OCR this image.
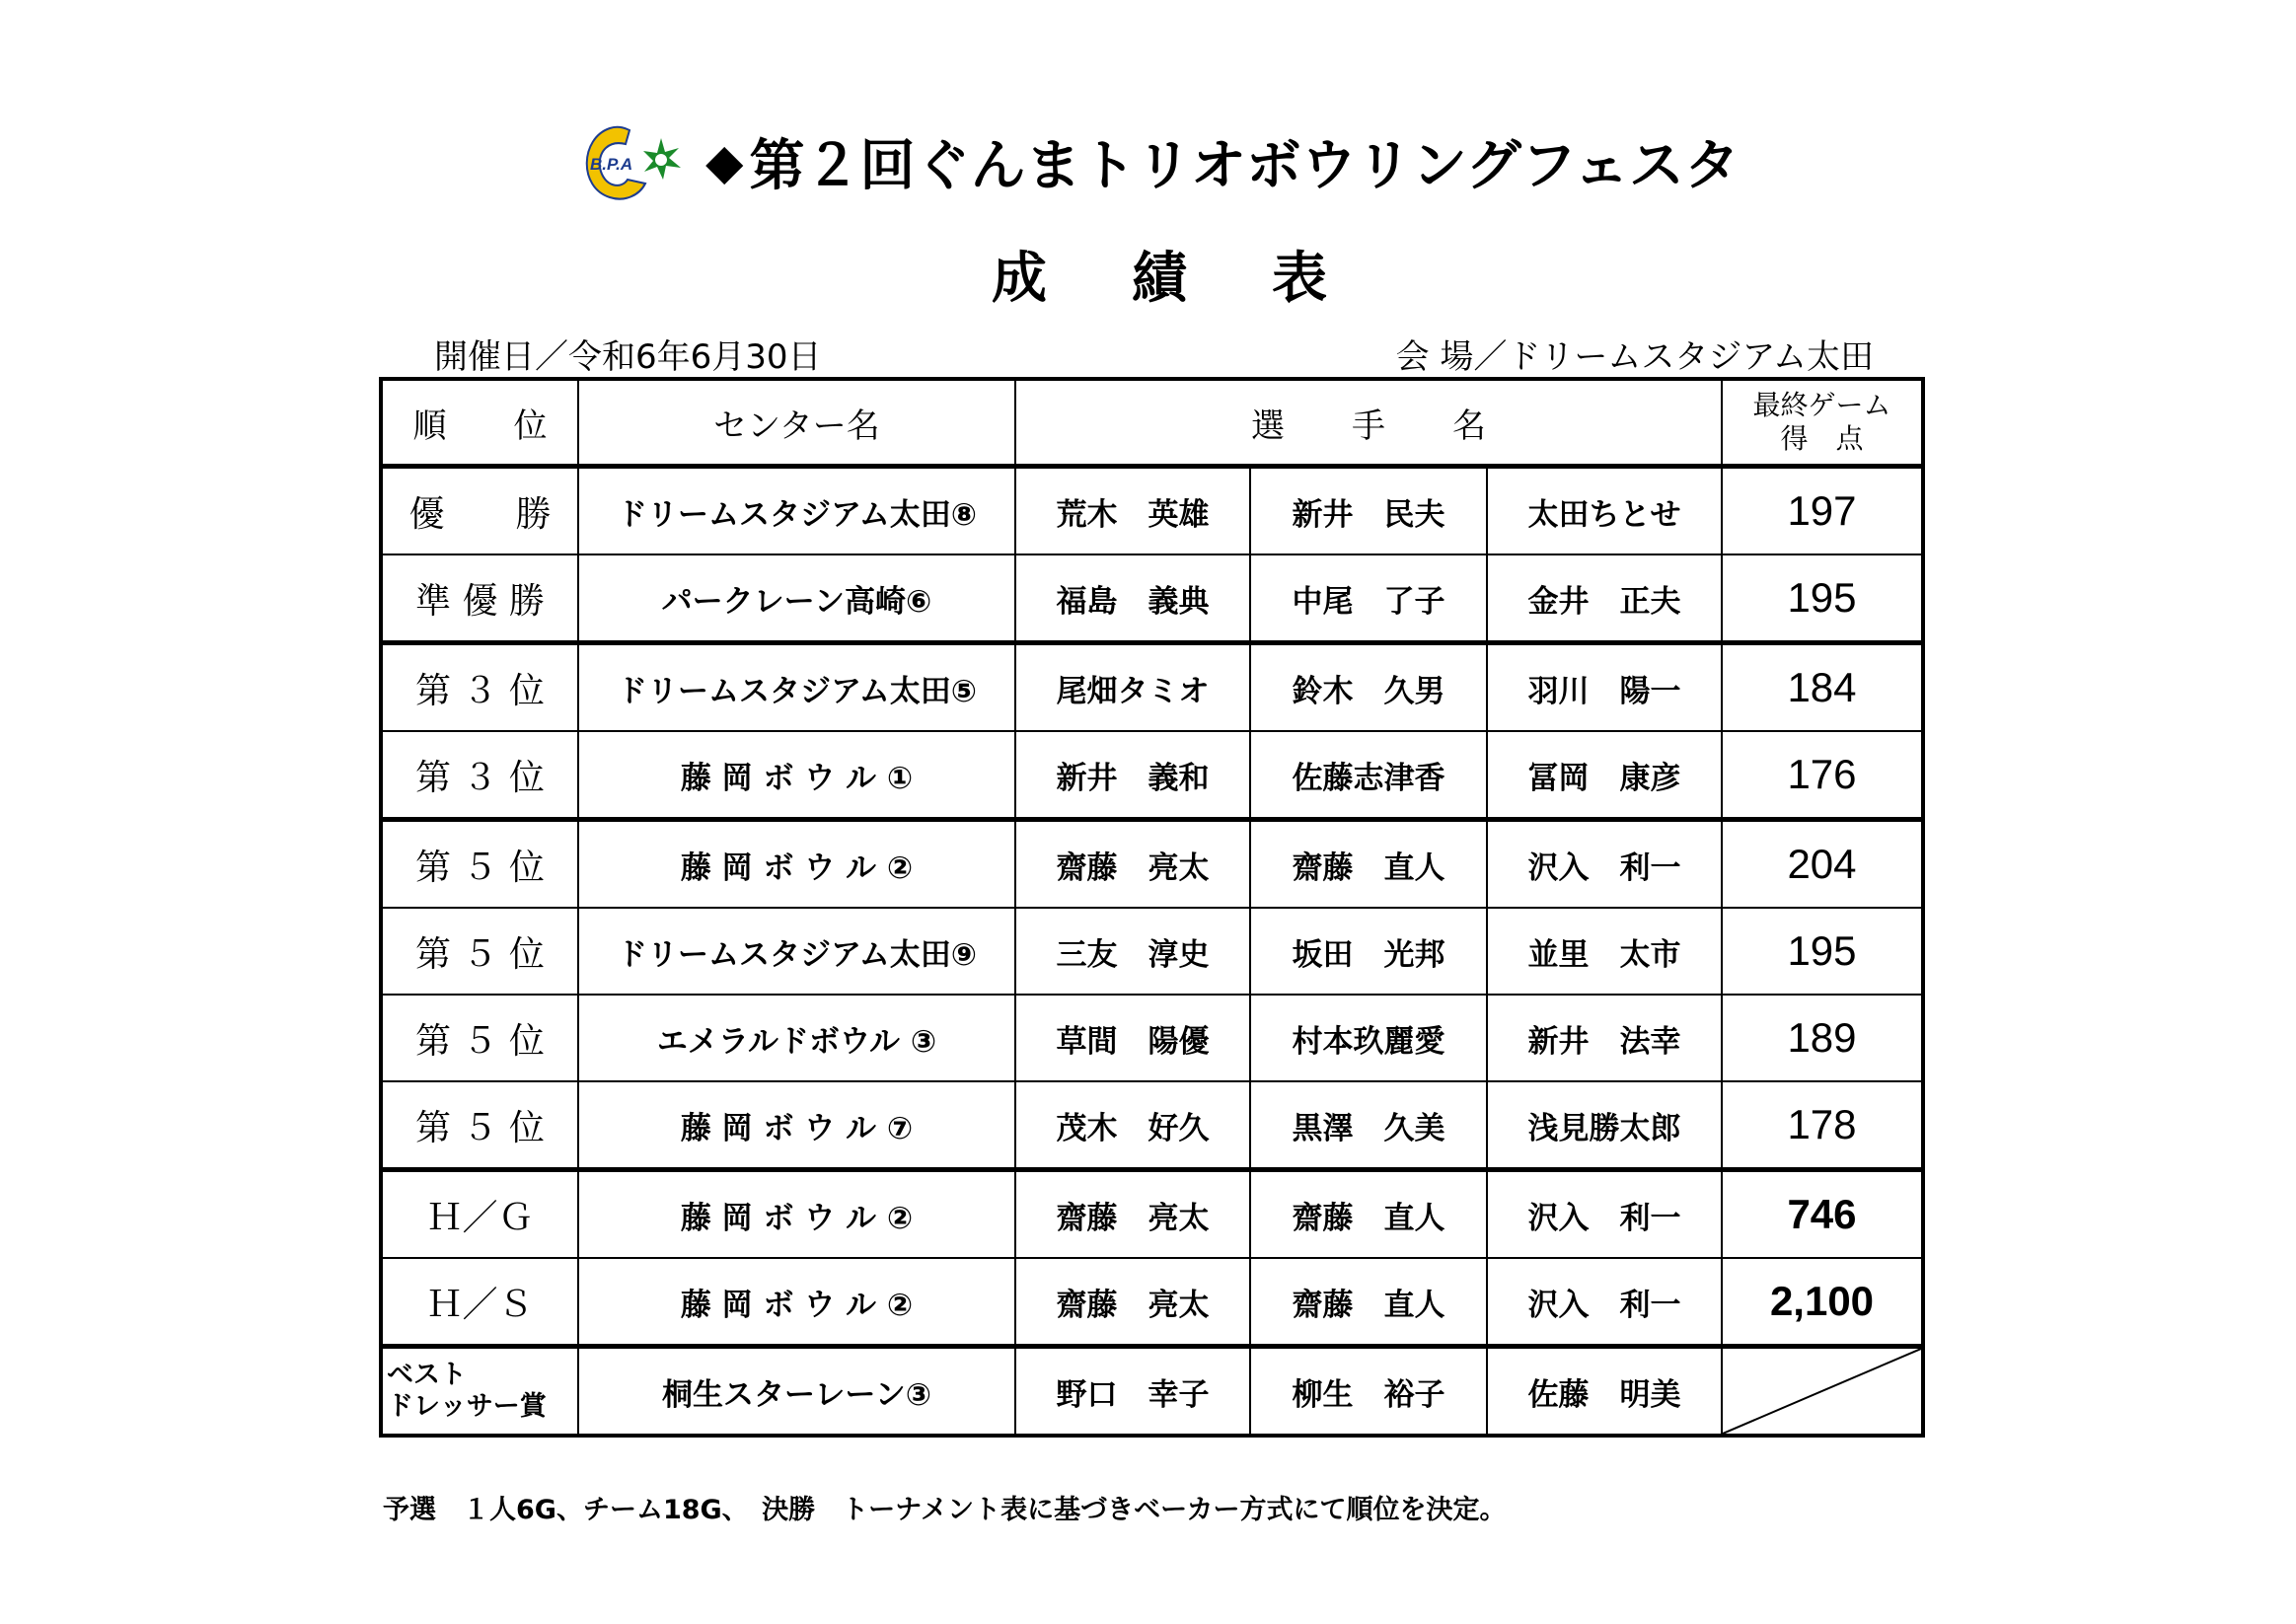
B.P.A ◆ 第２回ぐんまトリオボウリングフェスタ
成 績 表
開催日／令和6年6月30日	会 場／ドリームスタジアム太田
順　　位	センター名	選　　手　　名			最終ゲーム
得　点

優　　勝	ドリームスタジアム太田⑧	荒木　英雄	新井　民夫	太田ちとせ	197
準 優 勝	パークレーン高崎⑥	福島　義典	中尾　了子	金井　正夫	195
第 ３ 位	ドリームスタジアム太田⑤	尾畑タミオ	鈴木　久男	羽川　陽一	184
第 ３ 位	藤 岡 ボ ウ ル ①	新井　義和	佐藤志津香	冨岡　康彦	176
第 ５ 位	藤 岡 ボ ウ ル ②	齋藤　亮太	齋藤　直人	沢入　利一	204
第 ５ 位	ドリームスタジアム太田⑨	三友　淳史	坂田　光邦	並里　太市	195
第 ５ 位	エメラルドボウル ③	草間　陽優	村本玖麗愛	新井　法幸	189
第 ５ 位	藤 岡 ボ ウ ル ⑦	茂木　好久	黒澤　久美	浅見勝太郎	178
Ｈ／Ｇ	藤 岡 ボ ウ ル ②	齋藤　亮太	齋藤　直人	沢入　利一	746
Ｈ／Ｓ	藤 岡 ボ ウ ル ②	齋藤　亮太	齋藤　直人	沢入　利一	2,100

ベスト
ドレッサー賞	桐生スターレーン③	野口　幸子	柳生　裕子	佐藤　明美	
予選　１人6G、チーム18G、　決勝　トーナメント表に基づきベーカー方式にて順位を決定。
